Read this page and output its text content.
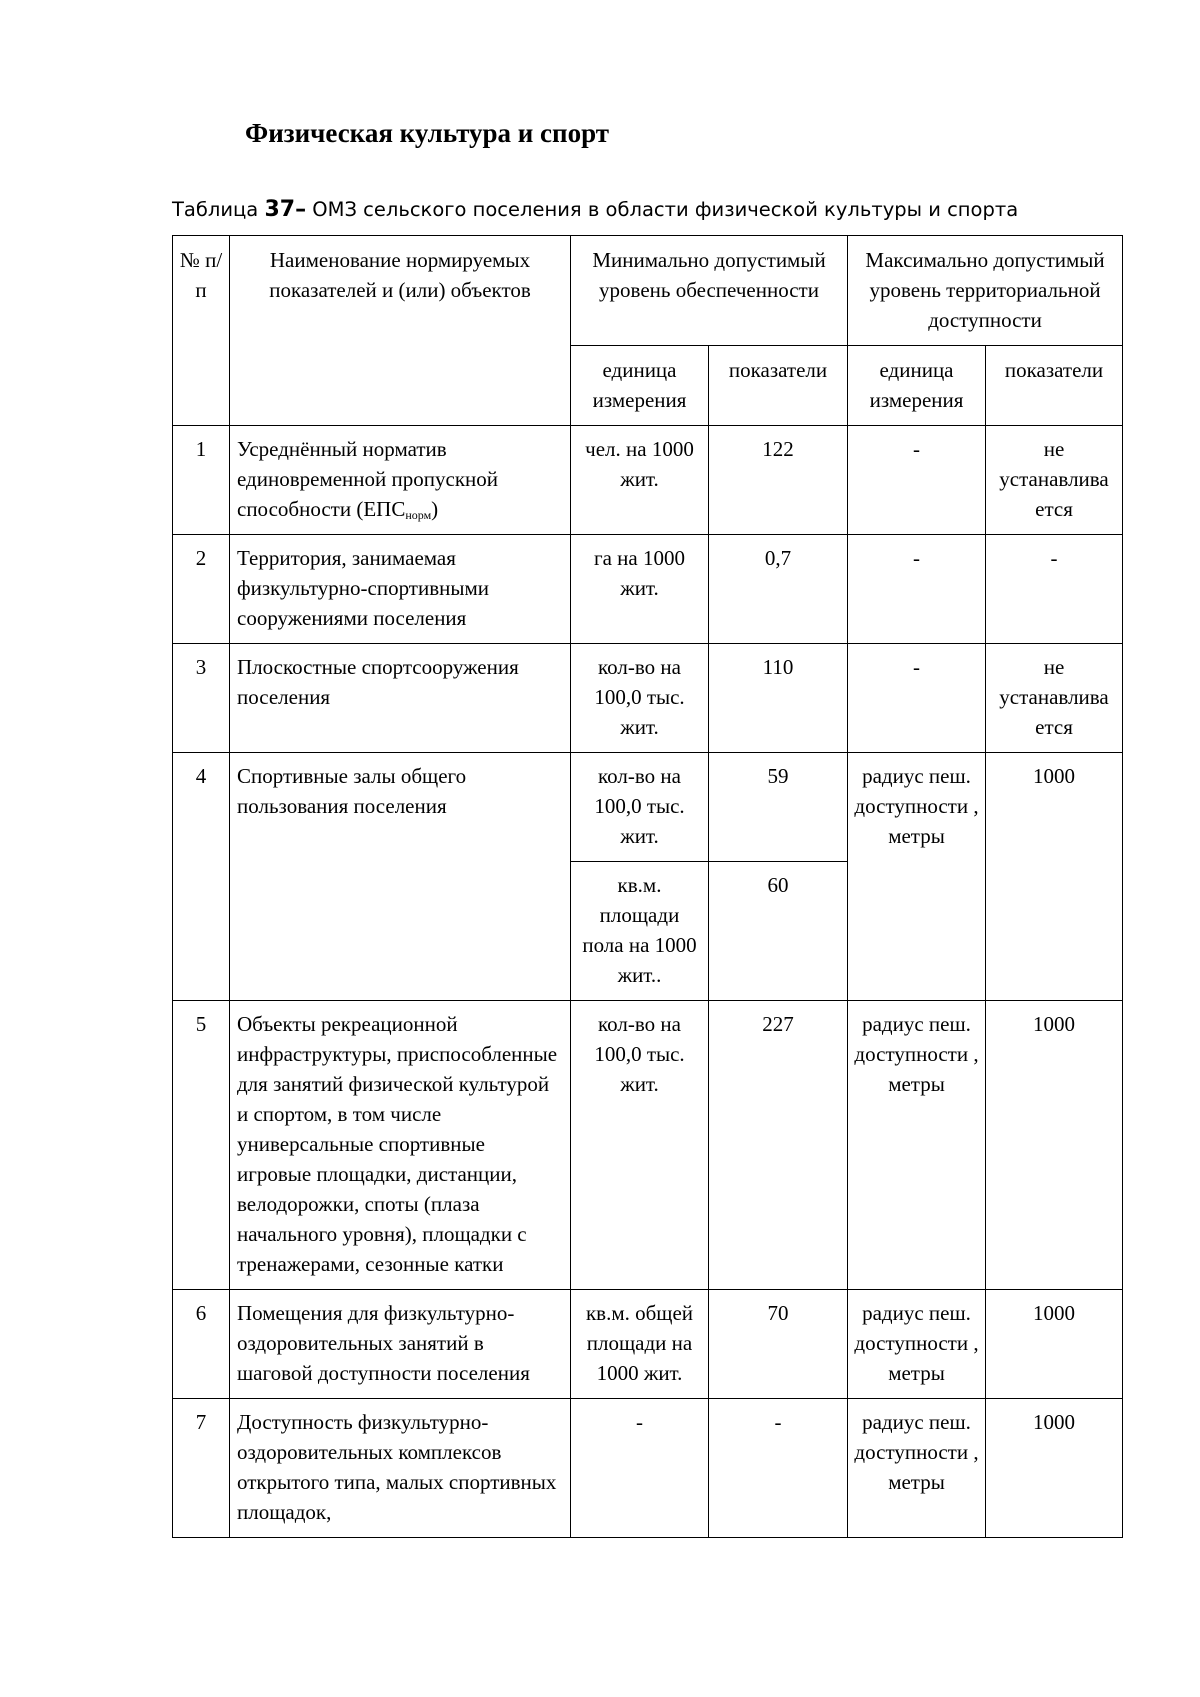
Физическая культура и спорт
Таблица 37– ОМЗ сельского поселения в области физической культуры и спорта
№ п/п	Наименование нормируемых показателей и (или) объектов	Минимально допустимый уровень обеспеченности		Максимально допустимый уровень территориальной доступности	
		единица измерения	показатели	единица измерения	показатели
1	Усреднённый норматив единовременной пропускной способности $(ЕПС_{норм})$	чел. на 1000 жит.	122	-	не устанавлива ется
2	Территория, занимаемая физкультурно-спортивными сооружениями поселения	га на 1000 жит.	0,7	-	-
3	Плоскостные спортсооружения поселения	кол-во на 100,0 тыс. жит.	110	-	не устанавлива ется
4	Спортивные залы общего пользования поселения	кол-во на 100,0 тыс. жит.	59	радиус пеш. доступности , метры	1000
		кв.м. площади пола на 1000 жит..	60		
5	Объекты рекреационной инфраструктуры, приспособленные для занятий физической культурой и спортом, в том числе универсальные спортивные игровые площадки, дистанции, велодорожки, споты (плаза начального уровня), площадки с тренажерами, сезонные катки	кол-во на 100,0 тыс. жит.	227	радиус пеш. доступности , метры	1000
6	Помещения для физкультурно-оздоровительных занятий в шаговой доступности поселения	кв.м. общей площади на 1000 жит.	70	радиус пеш. доступности , метры	1000
7	Доступность физкультурно-оздоровительных комплексов открытого типа, малых спортивных площадок,	-	-	радиус пеш. доступности , метры	1000
